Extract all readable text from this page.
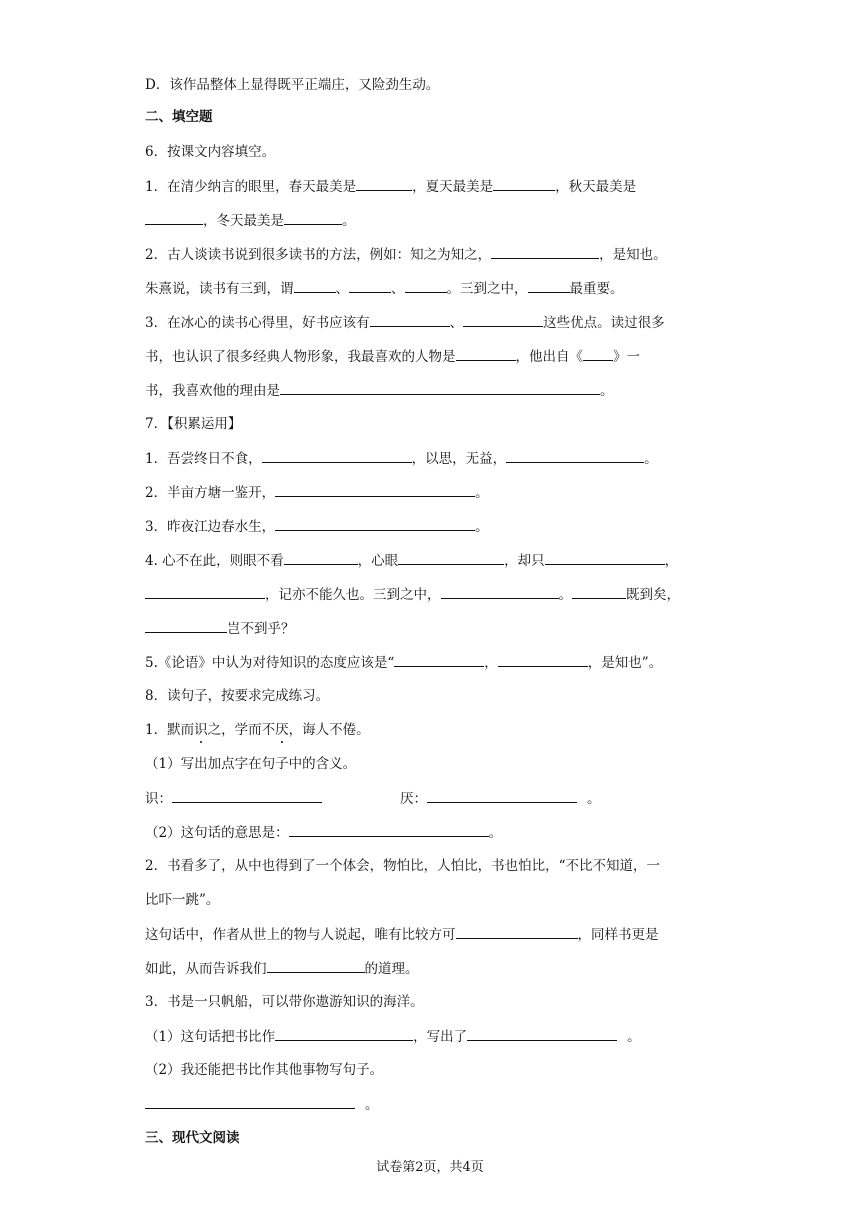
D．该作品整体上显得既平正端庄，又险劲生动。
二、填空题
6．按课文内容填空。
1．在清少纳言的眼里，春天最美是	，夏天最美是	，秋天最美是
，冬天最美是	。
2．古人谈读书说到很多读书的方法，例如：知之为知之，	，是知也。
朱熹说，读书有三到，谓	、	、	。三到之中，	最重要。
3．在冰心的读书心得里，好书应该有	、	这些优点。读过很多
书，也认识了很多经典人物形象，我最喜欢的人物是	，他出自《 》一
书，我喜欢他的理由是	。
7．【积累运用】
1．吾尝终日不食，	，以思，无益，	。
2．半亩方塘一鉴开，	。
3．昨夜江边春水生，	。
4. 心不在此，则眼不看	，心眼	，却只	，
，记亦不能久也。三到之中，	。	既到矣，
岂不到乎？
5.《论语》中认为对待知识的态度应该是“	，	，是知也”。
8．读句子，按要求完成练习。
1．默而识之，学而不厌，诲人不倦。
（1）写出加点字在句子中的含义。
识：	厌：	。
（2）这句话的意思是：	。
2．书看多了，从中也得到了一个体会，物怕比，人怕比，书也怕比，“不比不知道，一
比吓一跳”。
这句话中，作者从世上的物与人说起，唯有比较方可	，同样书更是
如此，从而告诉我们	的道理。
3．书是一只帆船，可以带你遨游知识的海洋。
（1）这句话把书比作	，写出了	。
（2）我还能把书比作其他事物写句子。
。
三、现代文阅读
试卷第2页，共4页
